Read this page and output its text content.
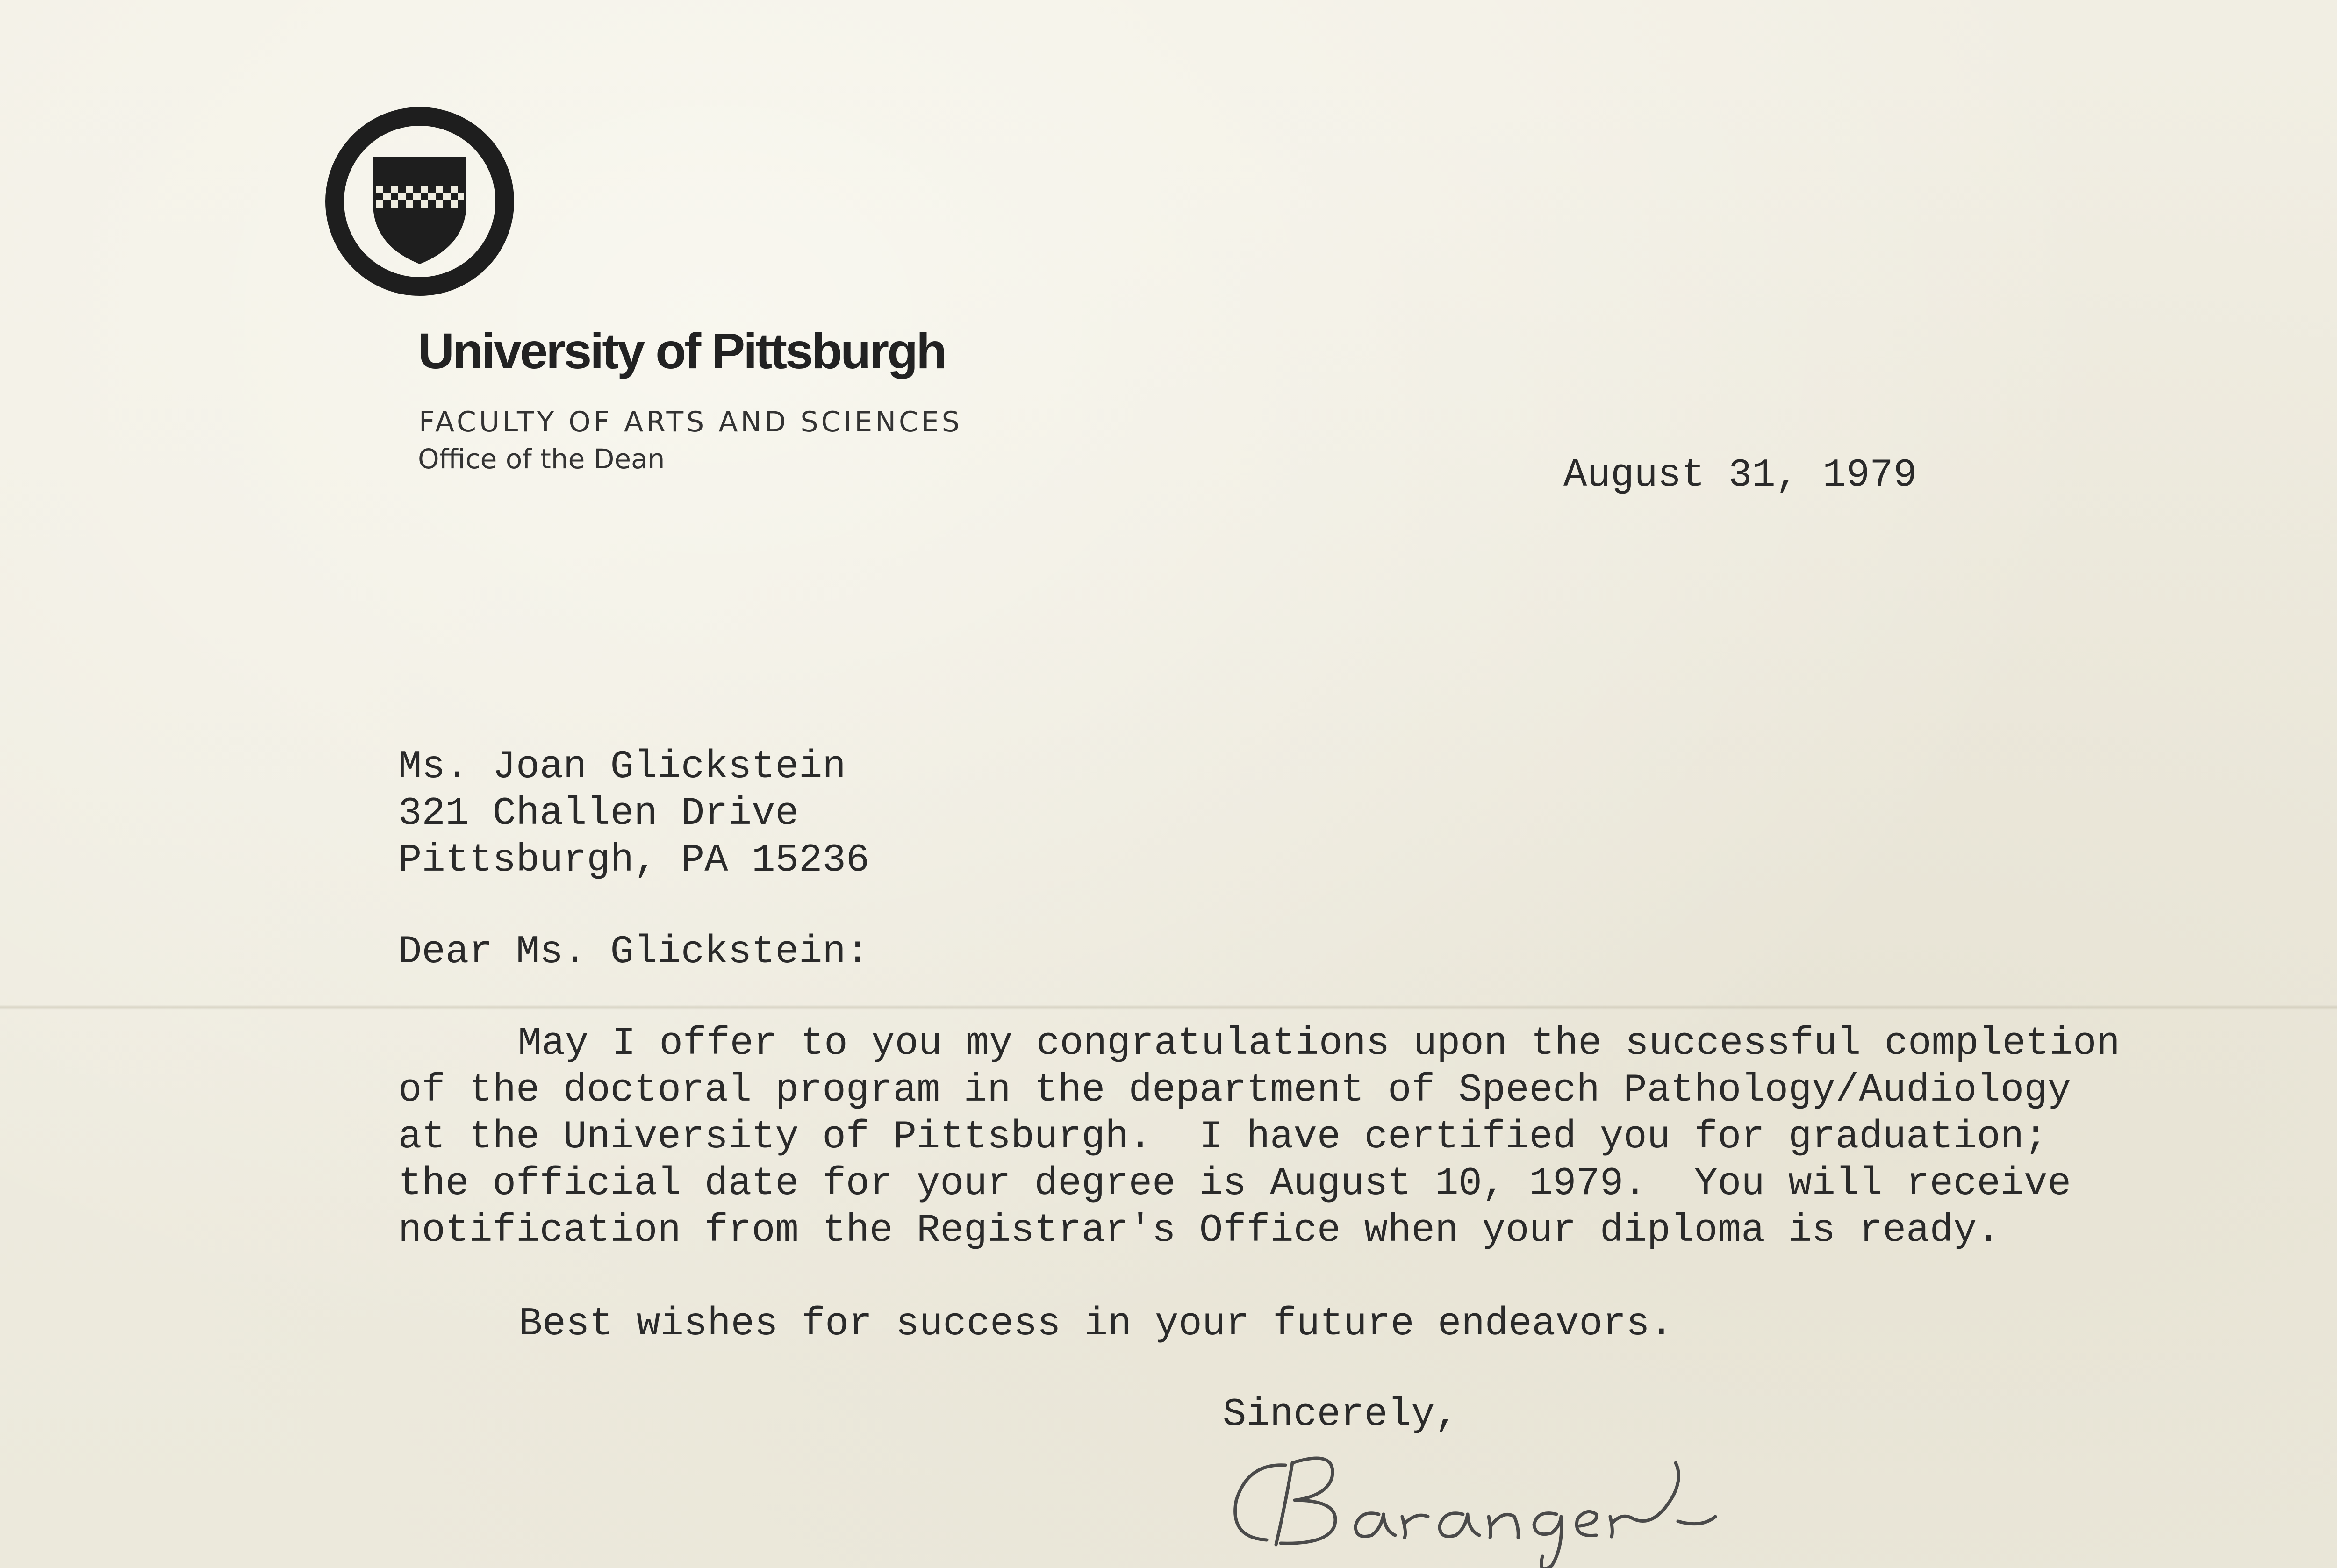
University of Pittsburgh
FACULTY OF ARTS AND SCIENCES
Office of the Dean	August 31, 1979
Ms. Joan Glickstein
321 Challen Drive
Pittsburgh, PA 15236
Dear Ms. Glickstein:
May I offer to you my congratulations upon the successful completion
of the doctoral program in the department of Speech Pathology/Audiology
at the University of Pittsburgh.  I have certified you for graduation;
the official date for your degree is August 10, 1979.  You will receive
notification from the Registrar's Office when your diploma is ready.
Best wishes for success in your future endeavors.
Sincerely,
